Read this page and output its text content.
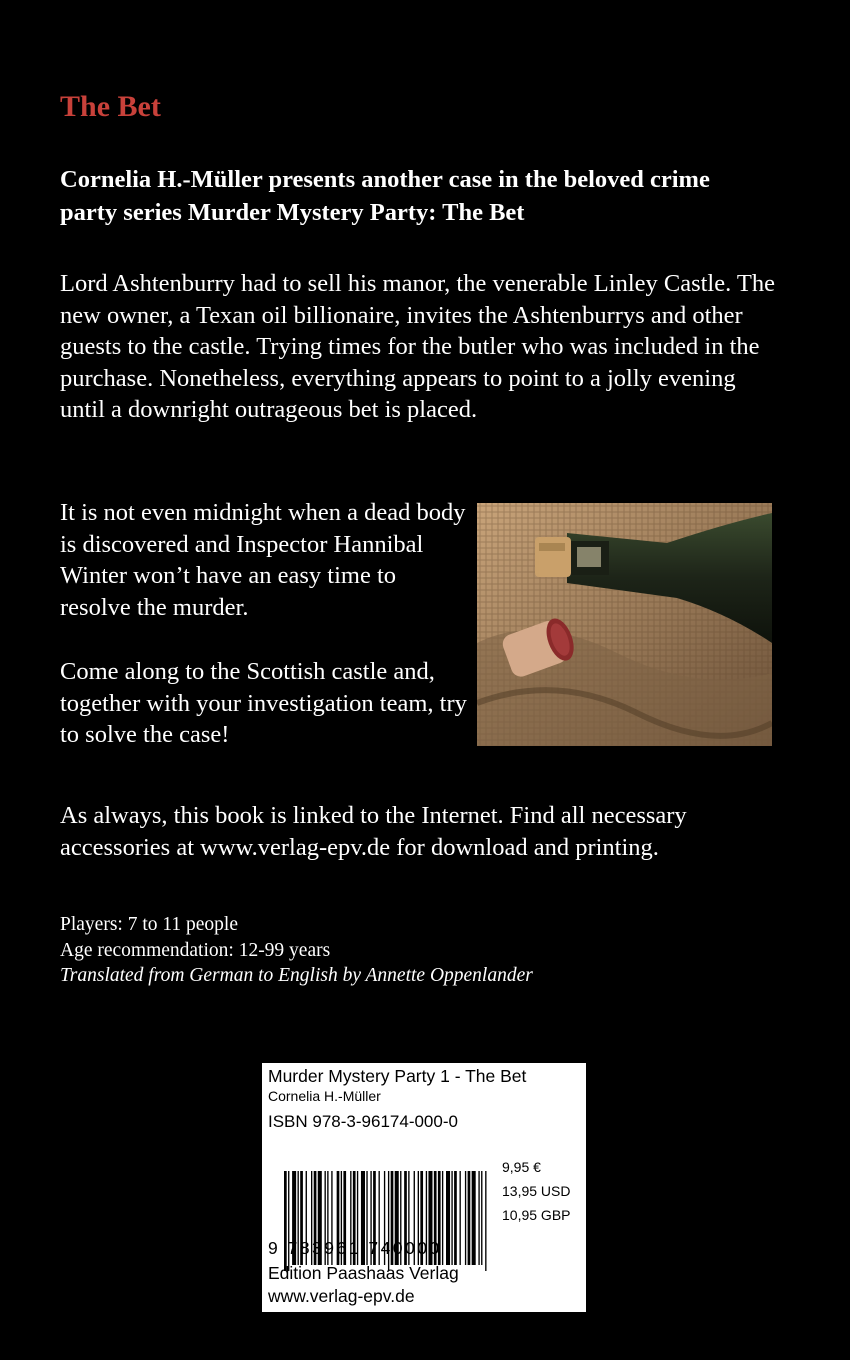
The Bet
Cornelia H.-Müller presents another case in the beloved crime party series Murder Mystery Party: The Bet
Lord Ashtenburry had to sell his manor, the venerable Linley Castle. The new owner, a Texan oil billionaire, invites the Ashtenburrys and other guests to the castle. Trying times for the butler who was included in the purchase. Nonetheless, everything appears to point to a jolly evening until a downright outrageous bet is placed.
It is not even midnight when a dead body is discovered and Inspector Hannibal Winter won’t have an easy time to resolve the murder.
Come along to the Scottish castle and, together with your investigation team, try to solve the case!
As always, this book is linked to the Internet. Find all necessary accessories at www.verlag-epv.de for download and printing.
Players: 7 to 11 people
Age recommendation: 12-99 years
Translated from German to English by Annette Oppenlander
Murder Mystery Party 1 - The Bet
Cornelia H.-Müller
ISBN 978-3-96174-000-0
9 783961 740000
9,95 €
13,95 USD
10,95 GBP
Edition Paashaas Verlag
www.verlag-epv.de
